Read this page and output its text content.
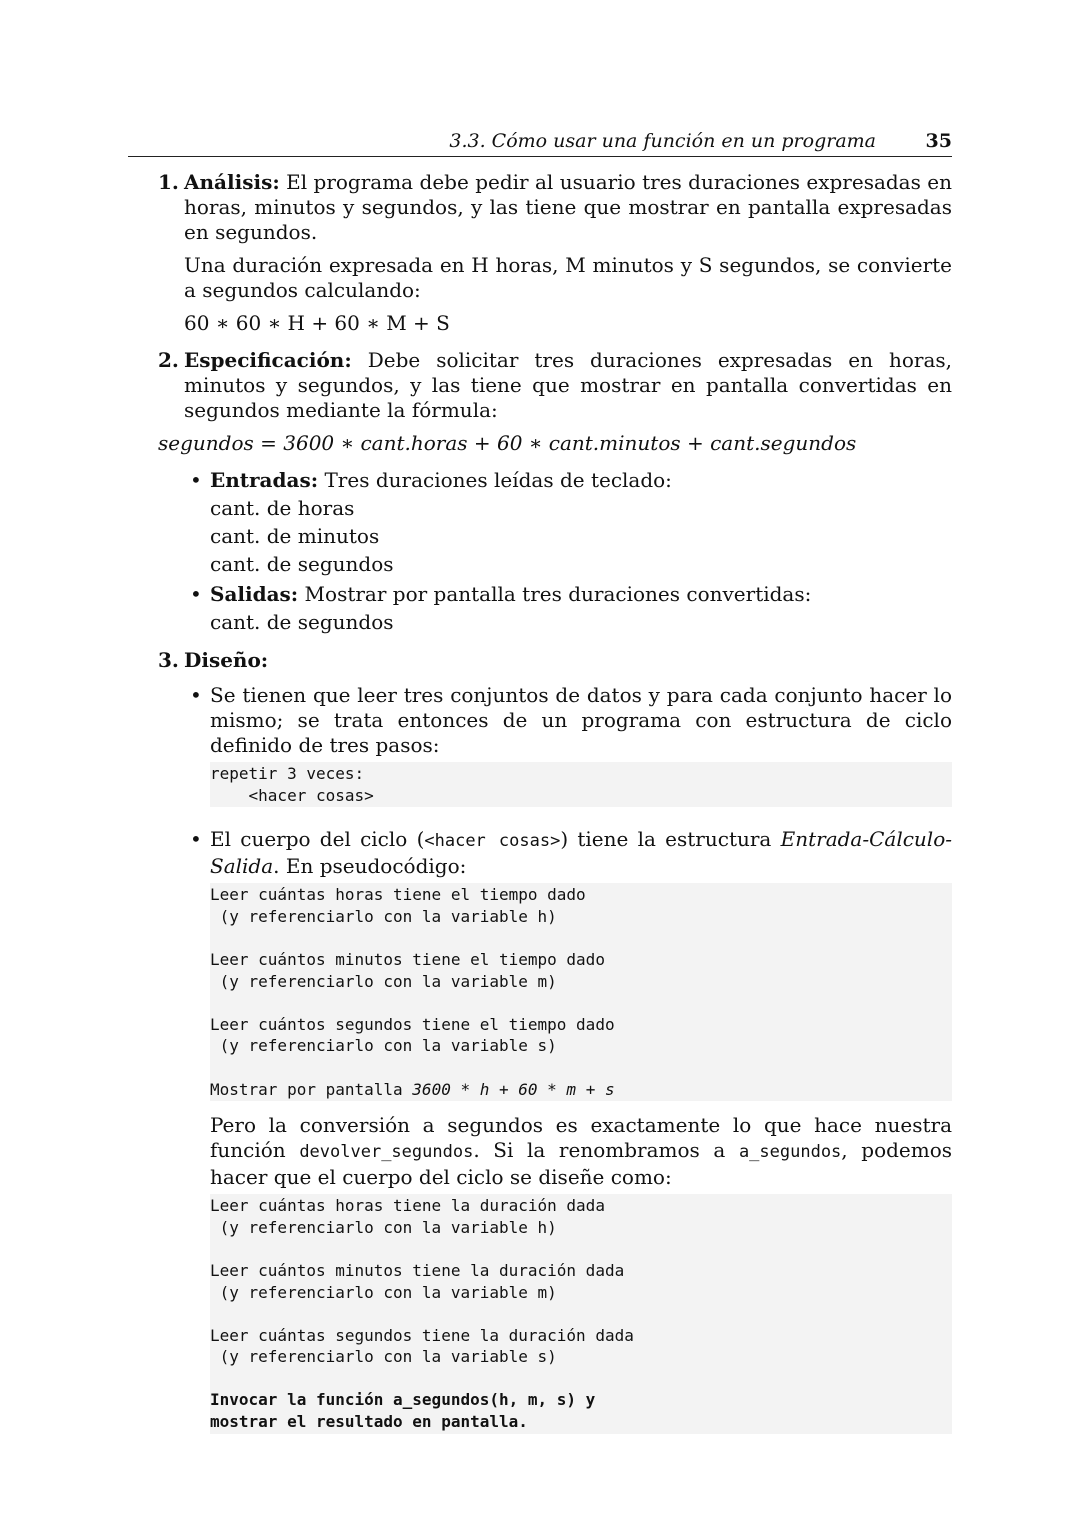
3.3. Cómo usar una función en un programa	35
1. Análisis: El programa debe pedir al usuario tres duraciones expresadas en horas, minutos y segundos, y las tiene que mostrar en pantalla expresadas en segundos.

Una duración expresada en H horas, M minutos y S segundos, se convierte a segundos calculando:

60 ∗ 60 ∗ H + 60 ∗ M + S

2. Especificación: Debe solicitar tres duraciones expresadas en horas, minutos y segundos, y las tiene que mostrar en pantalla convertidas en segundos mediante la fórmula:

segundos = 3600 ∗ cant.horas + 60 ∗ cant.minutos + cant.segundos

• Entradas: Tres duraciones leídas de teclado:
cant. de horas
cant. de minutos
cant. de segundos
• Salidas: Mostrar por pantalla tres duraciones convertidas:
cant. de segundos
3. Diseño:

• Se tienen que leer tres conjuntos de datos y para cada conjunto hacer lo mismo; se trata entonces de un programa con estructura de ciclo definido de tres pasos:

repetir 3 veces:
<hacer cosas>
• El cuerpo del ciclo (<hacer cosas>) tiene la estructura Entrada-Cálculo-Salida. En pseudocódigo:

Leer cuántas horas tiene el tiempo dado
(y referenciarlo con la variable h)
Leer cuántos minutos tiene el tiempo dado
(y referenciarlo con la variable m)
Leer cuántos segundos tiene el tiempo dado
(y referenciarlo con la variable s)
Mostrar por pantalla 3600 * h + 60 * m + s

Pero la conversión a segundos es exactamente lo que hace nuestra función devolver_segundos. Si la renombramos a a_segundos, podemos hacer que el cuerpo del ciclo se diseñe como:

Leer cuántas horas tiene la duración dada
(y referenciarlo con la variable h)
Leer cuántos minutos tiene la duración dada
(y referenciarlo con la variable m)
Leer cuántas segundos tiene la duración dada
(y referenciarlo con la variable s)
Invocar la función a_segundos(h, m, s) y
mostrar el resultado en pantalla.
